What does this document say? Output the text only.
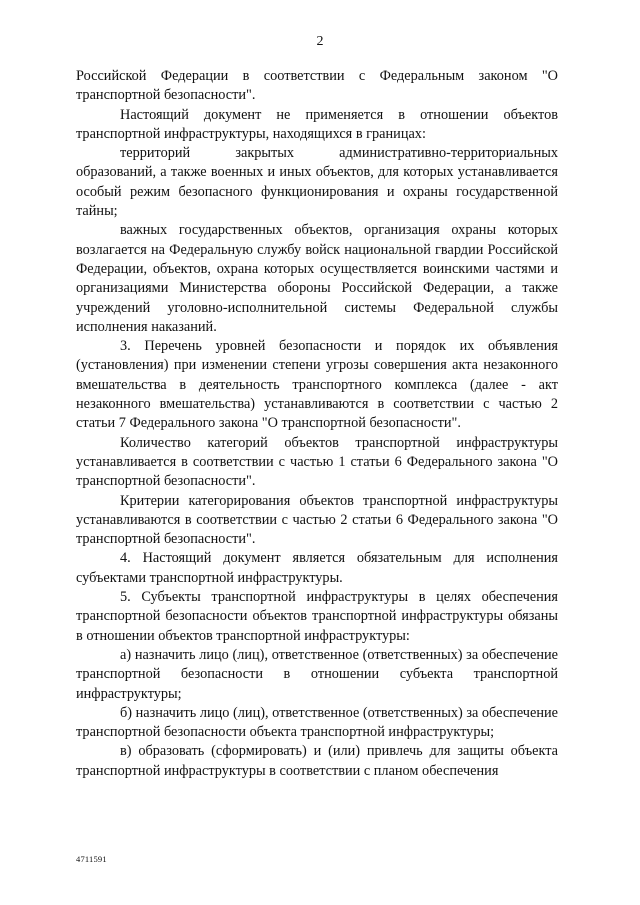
2

Российской Федерации в соответствии с Федеральным законом "О транспортной безопасности".

Настоящий документ не применяется в отношении объектов транспортной инфраструктуры, находящихся в границах:

территорий закрытых административно-территориальных образований, а также военных и иных объектов, для которых устанавливается особый режим безопасного функционирования и охраны государственной тайны;

важных государственных объектов, организация охраны которых возлагается на Федеральную службу войск национальной гвардии Российской Федерации, объектов, охрана которых осуществляется воинскими частями и организациями Министерства обороны Российской Федерации, а также учреждений уголовно-исполнительной системы Федеральной службы исполнения наказаний.

3. Перечень уровней безопасности и порядок их объявления (установления) при изменении степени угрозы совершения акта незаконного вмешательства в деятельность транспортного комплекса (далее - акт незаконного вмешательства) устанавливаются в соответствии с частью 2 статьи 7 Федерального закона "О транспортной безопасности".

Количество категорий объектов транспортной инфраструктуры устанавливается в соответствии с частью 1 статьи 6 Федерального закона "О транспортной безопасности".

Критерии категорирования объектов транспортной инфраструктуры устанавливаются в соответствии с частью 2 статьи 6 Федерального закона "О транспортной безопасности".

4. Настоящий документ является обязательным для исполнения субъектами транспортной инфраструктуры.

5. Субъекты транспортной инфраструктуры в целях обеспечения транспортной безопасности объектов транспортной инфраструктуры обязаны в отношении объектов транспортной инфраструктуры:

а) назначить лицо (лиц), ответственное (ответственных) за обеспечение транспортной безопасности в отношении субъекта транспортной инфраструктуры;

б) назначить лицо (лиц), ответственное (ответственных) за обеспечение транспортной безопасности объекта транспортной инфраструктуры;

в) образовать (сформировать) и (или) привлечь для защиты объекта транспортной инфраструктуры в соответствии с планом обеспечения

4711591
